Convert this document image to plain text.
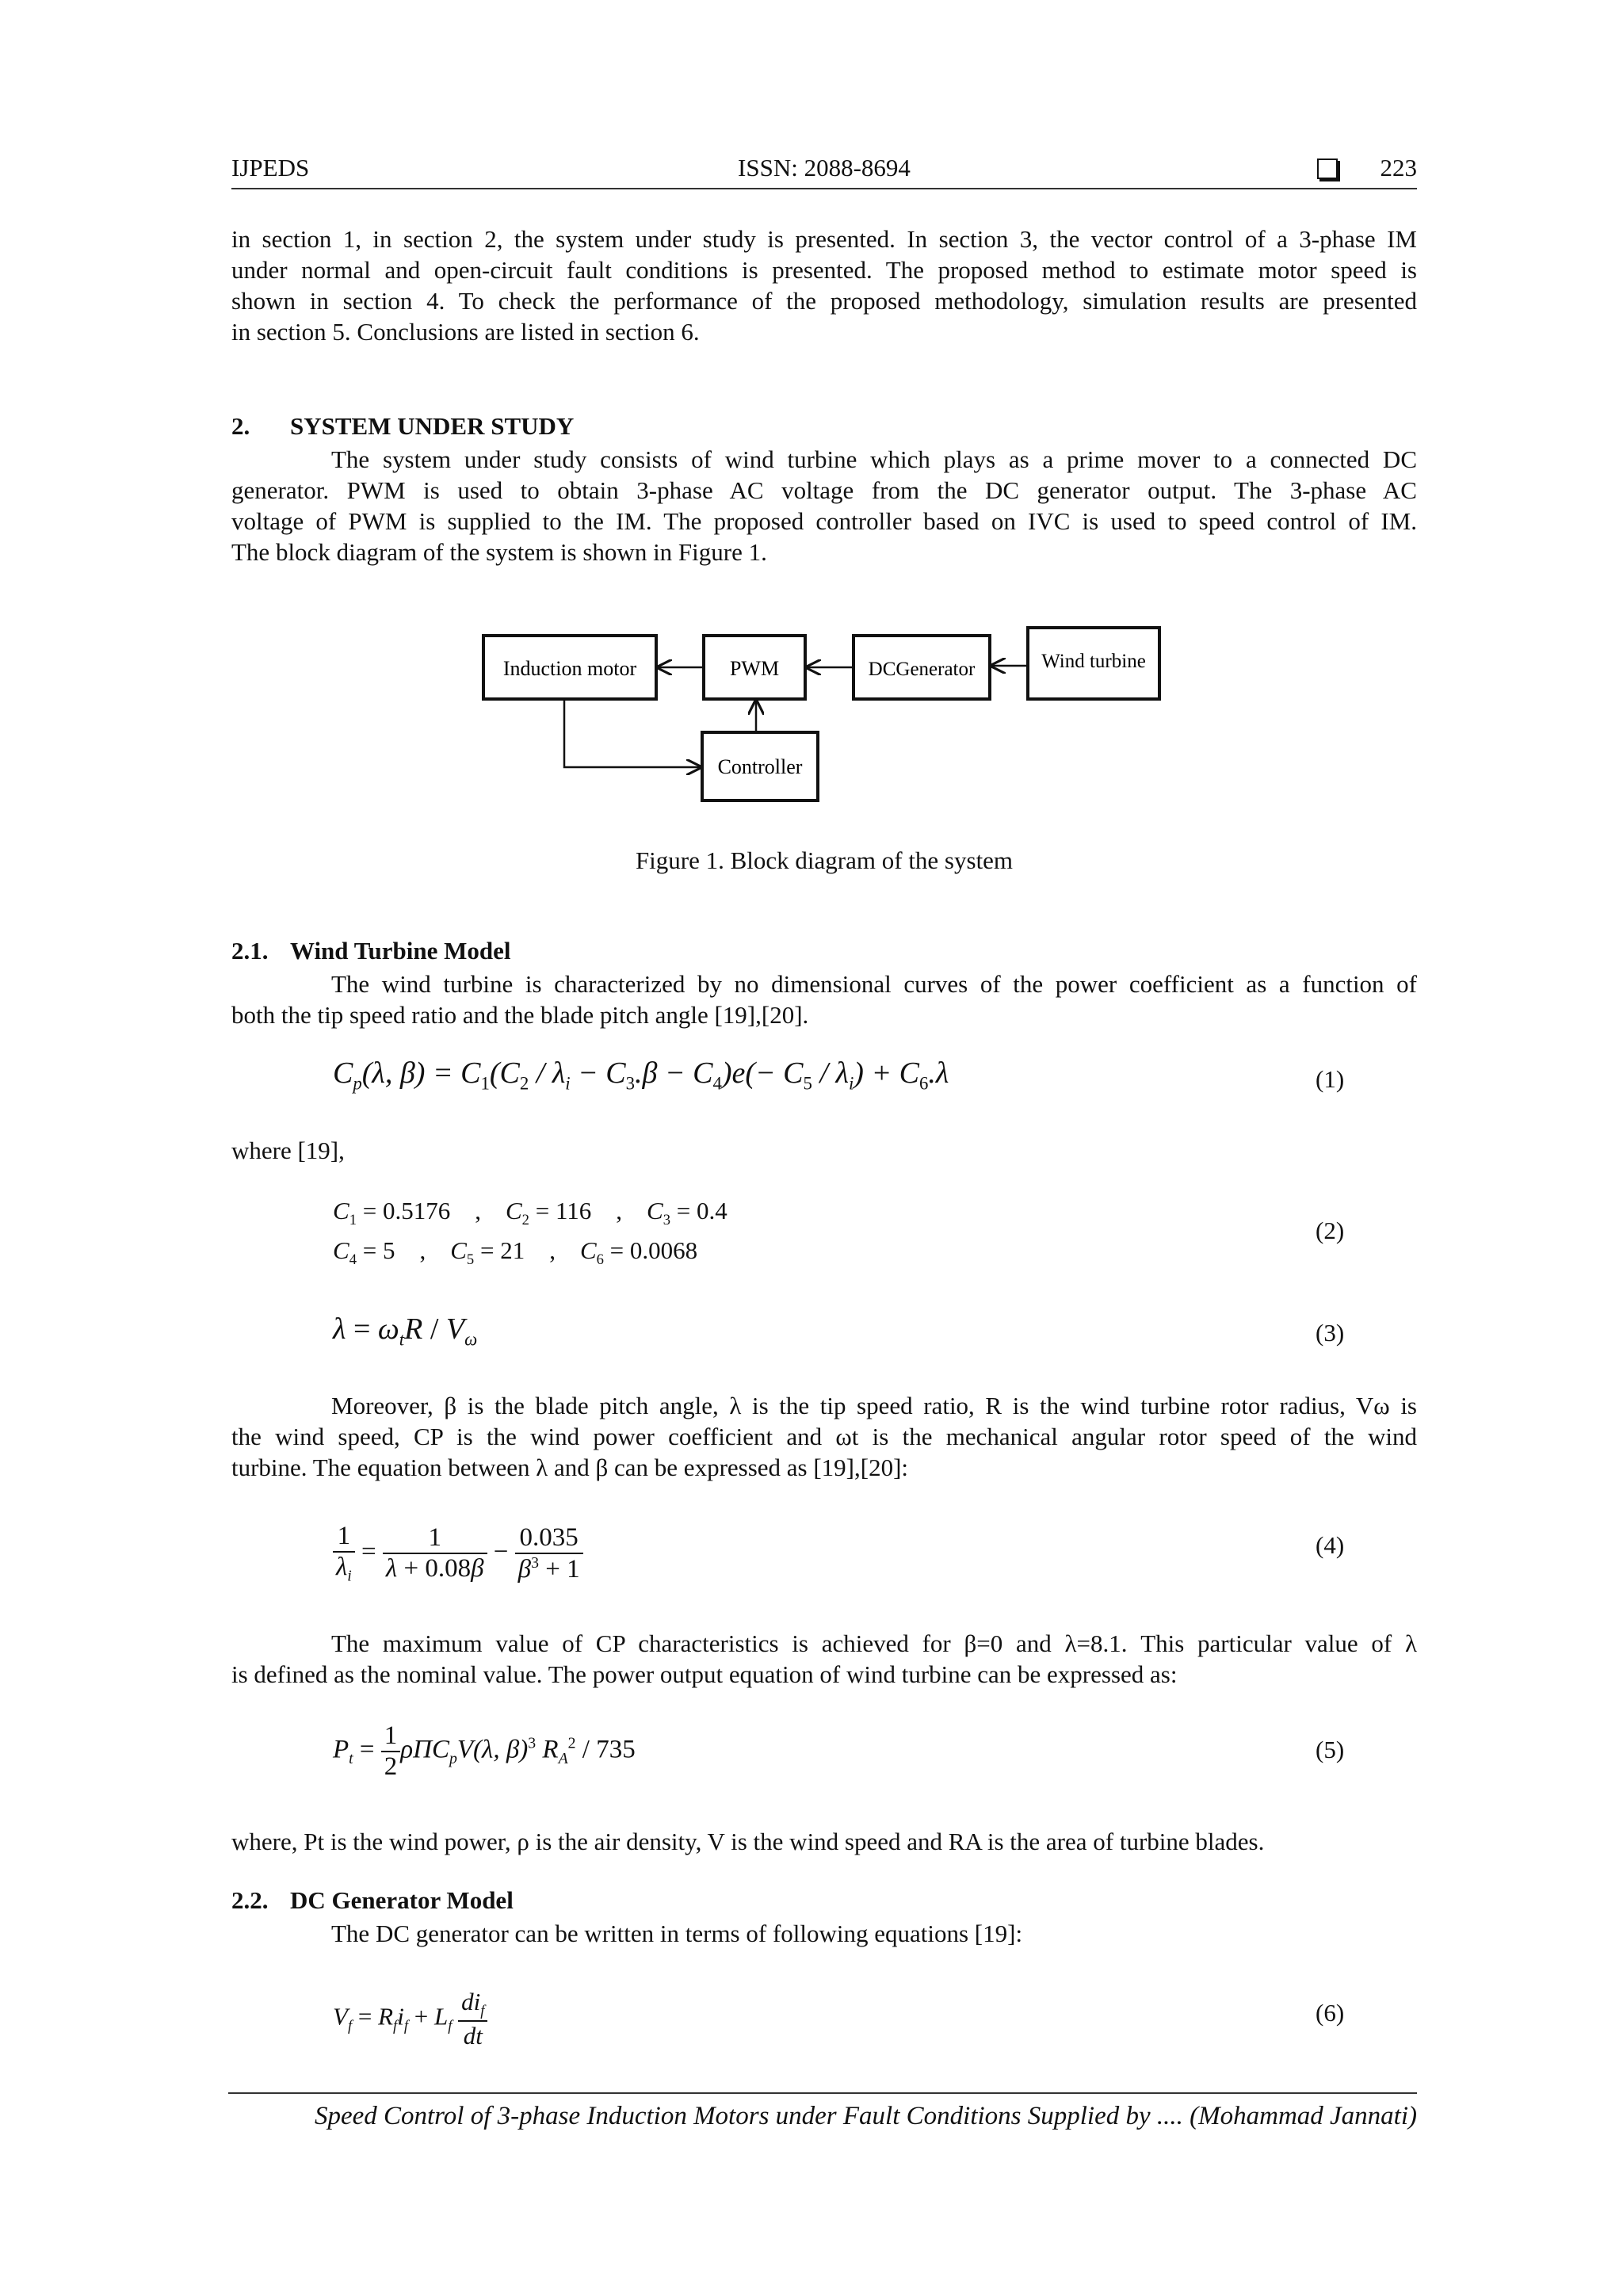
IJPEDS	ISSN: 2088-8694	223

in section 1, in section 2, the system under study is presented. In section 3, the vector control of a 3-phase IM
under normal and open-circuit fault conditions is presented. The proposed method to estimate motor speed is
shown in section 4. To check the performance of the proposed methodology, simulation results are presented
in section 5. Conclusions are listed in section 6.

2. SYSTEM UNDER STUDY

The system under study consists of wind turbine which plays as a prime mover to a connected DC
generator. PWM is used to obtain 3-phase AC voltage from the DC generator output. The 3-phase AC
voltage of PWM is supplied to the IM. The proposed controller based on IVC is used to speed control of IM.
The block diagram of the system is shown in Figure 1.

Induction motor	PWM	DCGenerator	Wind turbine
Controller
Figure 1. Block diagram of the system
2.1. Wind Turbine Model

The wind turbine is characterized by no dimensional curves of the power coefficient as a function of
both the tip speed ratio and the blade pitch angle [19],[20].

$C_p(\lambda$, $\beta) = C_1(C_2 / \lambda_i - C_3.\beta - C_4)e(- C_5 / \lambda_i) + C_6.\lambda$	(1)
where [19],
$C_1 = 0.5176$ ,    $C_2 = 116$ ,    $C_3 = 0.4$
$C_4 = 5$ ,    $C_5 = 21$ ,    $C_6 = 0.0068$
(2)
$\lambda = \omega_tR / V_\omega$	(3)

Moreover, β is the blade pitch angle, λ is the tip speed ratio, R is the wind turbine rotor radius, Vω is
the wind speed, CP is the wind power coefficient and ωt is the mechanical angular rotor speed of the wind
turbine. The equation between λ and β can be expressed as [19],[20]:

$\frac{1}{\lambda_i} = \frac{1}{\lambda + 0.08\beta} - \frac{0.035}{\beta^3 + 1}$	(4)

The maximum value of CP characteristics is achieved for β=0 and λ=8.1. This particular value of λ
is defined as the nominal value. The power output equation of wind turbine can be expressed as:

$P_t = \frac{1}{2} \rho\Pi C_pV(\lambda$, β)$^3$ $R_A^2 / 735$	(5)
where, Pt is the wind power, ρ is the air density, V is the wind speed and RA is the area of turbine blades.
2.2. DC Generator Model
The DC generator can be written in terms of following equations [19]:
$V_f = R_fi_f + L_f \frac{di_f}{dt}$	(6)
Speed Control of 3-phase Induction Motors under Fault Conditions Supplied by .... (Mohammad Jannati)
